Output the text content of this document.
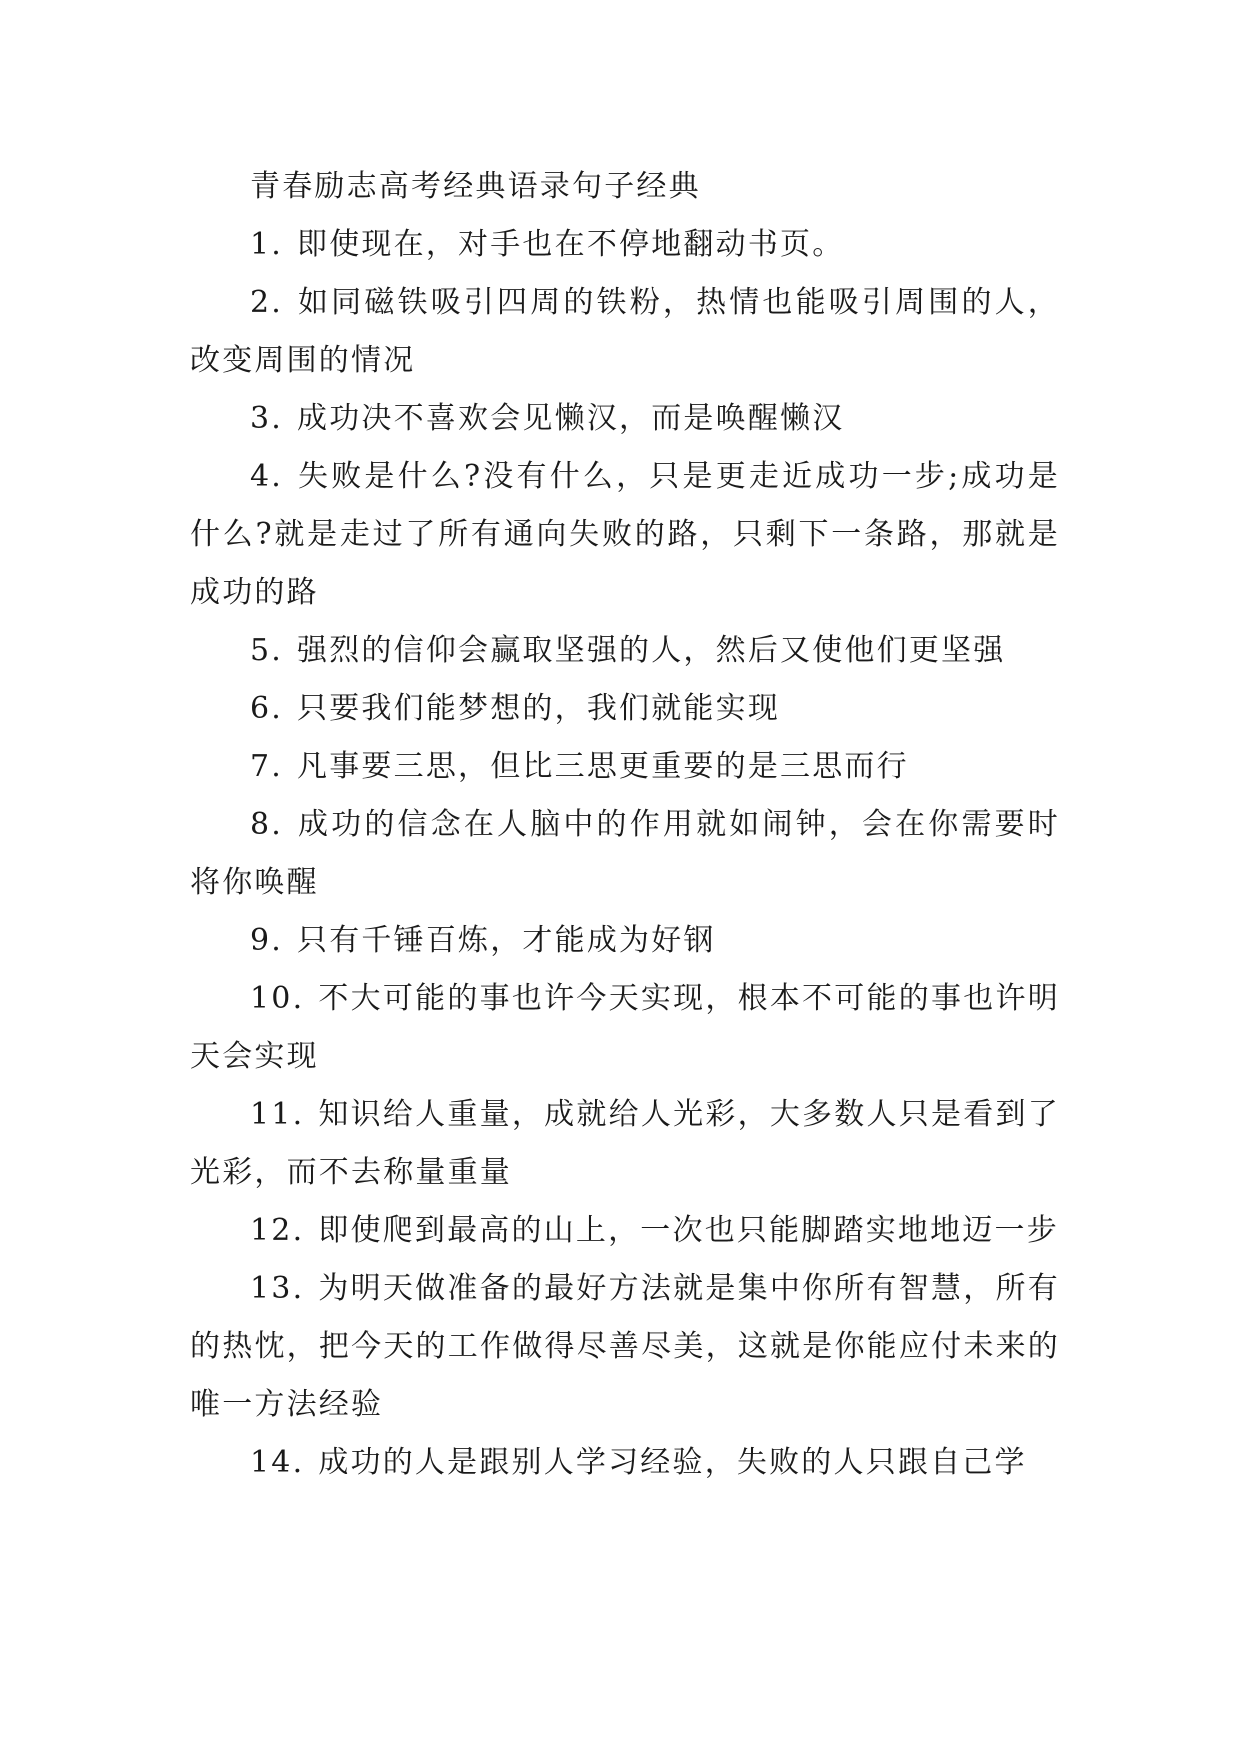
青春励志高考经典语录句子经典

1. 即使现在，对手也在不停地翻动书页。

2. 如同磁铁吸引四周的铁粉，热情也能吸引周围的人，改变周围的情况

3. 成功决不喜欢会见懒汉，而是唤醒懒汉

4. 失败是什么?没有什么，只是更走近成功一步;成功是什么?就是走过了所有通向失败的路，只剩下一条路，那就是成功的路

5. 强烈的信仰会赢取坚强的人，然后又使他们更坚强

6. 只要我们能梦想的，我们就能实现

7. 凡事要三思，但比三思更重要的是三思而行

8. 成功的信念在人脑中的作用就如闹钟，会在你需要时将你唤醒

9. 只有千锤百炼，才能成为好钢

10. 不大可能的事也许今天实现，根本不可能的事也许明天会实现

11. 知识给人重量，成就给人光彩，大多数人只是看到了光彩，而不去称量重量

12. 即使爬到最高的山上，一次也只能脚踏实地地迈一步

13. 为明天做准备的最好方法就是集中你所有智慧，所有的热忱，把今天的工作做得尽善尽美，这就是你能应付未来的唯一方法经验

14. 成功的人是跟别人学习经验，失败的人只跟自己学
